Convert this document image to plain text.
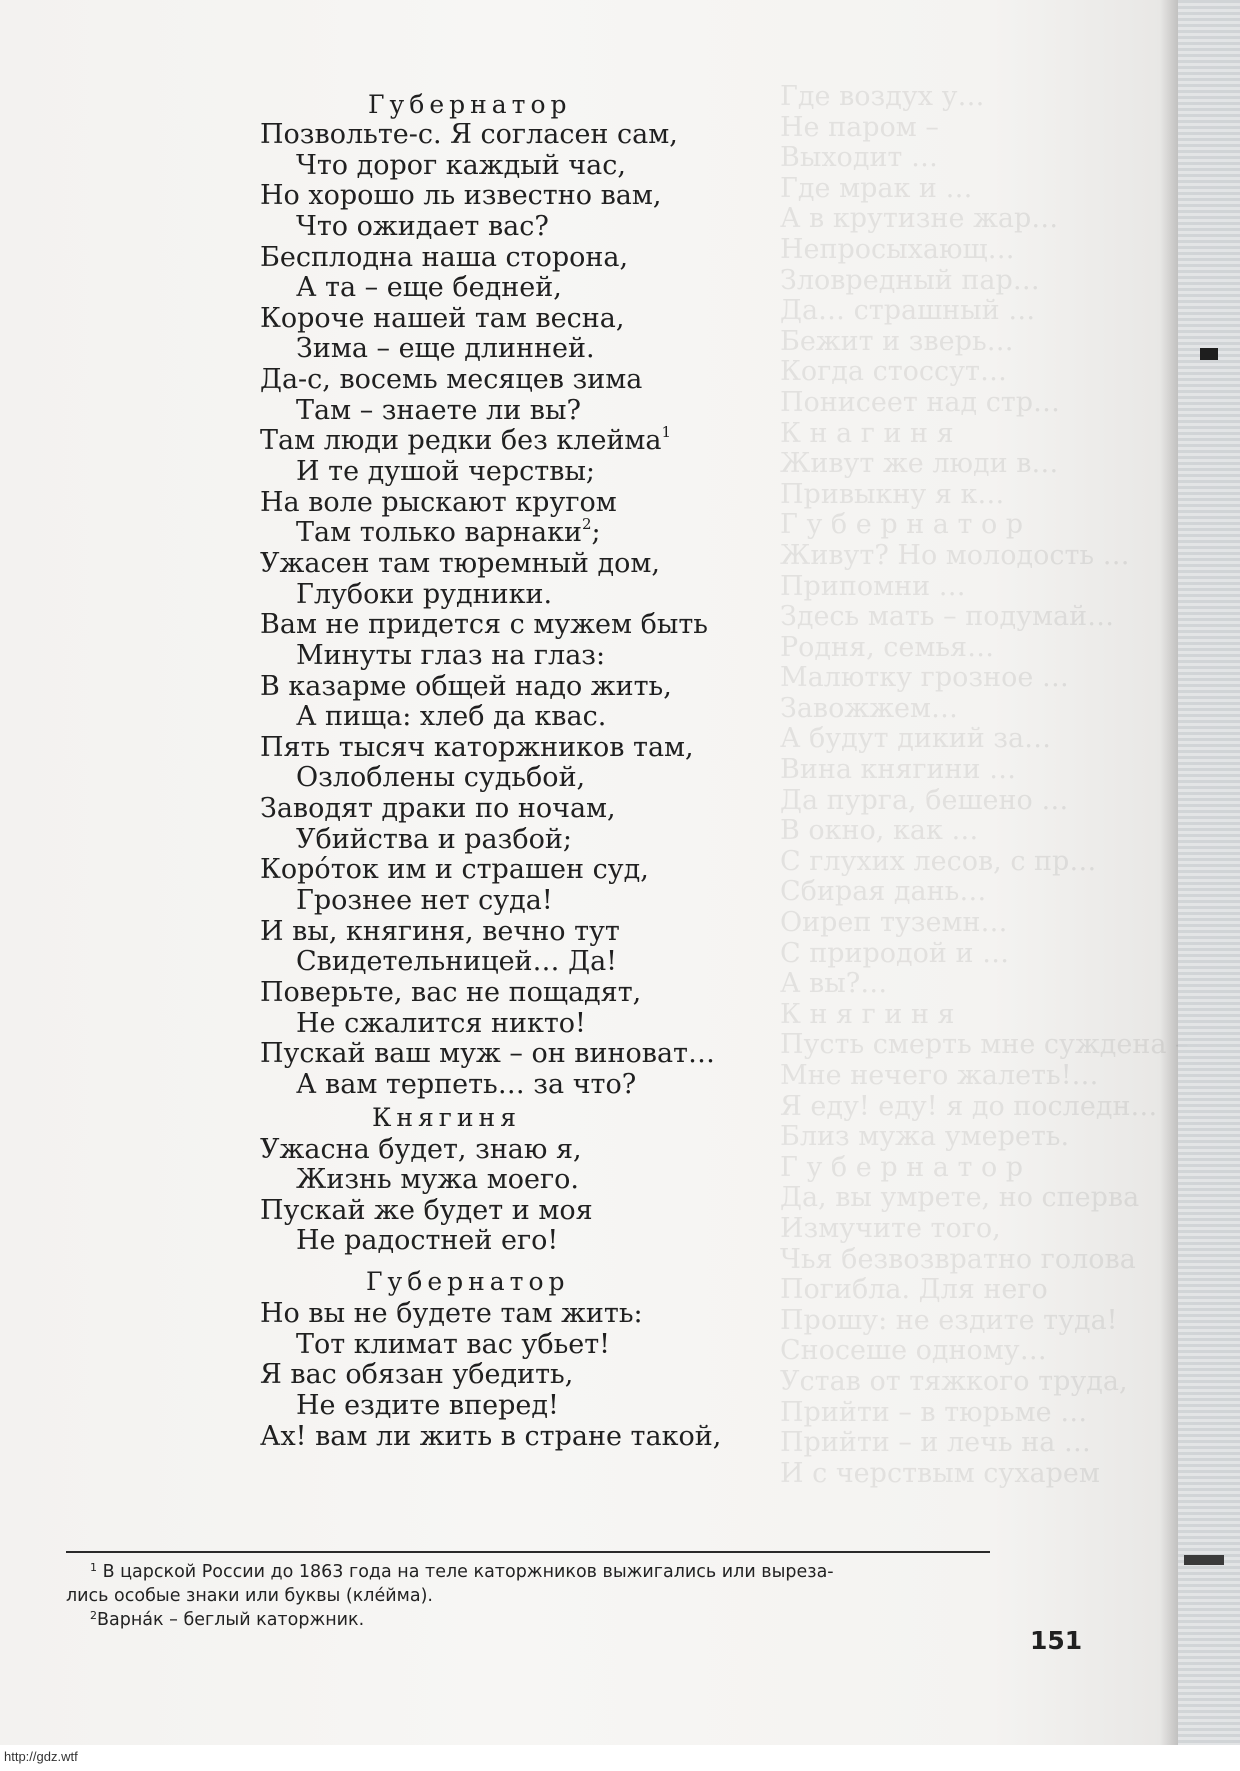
Губернатор
Позвольте-с. Я согласен сам,
Что дорог каждый час,
Но хорошо ль известно вам,
Что ожидает вас?
Бесплодна наша сторона,
А та – еще бедней,
Короче нашей там весна,
Зима – еще длинней.
Да-с, восемь месяцев зима
Там – знаете ли вы?
Там люди редки без клейма$^1$
И те душой черствы;
На воле рыскают кругом
Там только варнаки$^2$;
Ужасен там тюремный дом,
Глубоки рудники.
Вам не придется с мужем быть
Минуты глаз на глаз:
В казарме общей надо жить,
А пища: хлеб да квас.
Пять тысяч каторжников там,
Озлоблены судьбой,
Заводят драки по ночам,
Убийства и разбой;
Коро́ток им и страшен суд,
Грознее нет суда!
И вы, княгиня, вечно тут
Свидетельницей… Да!
Поверьте, вас не пощадят,
Не сжалится никто!
Пускай ваш муж – он виноват…
А вам терпеть… за что?
Княгиня
Ужасна будет, знаю я,
Жизнь мужа моего.
Пускай же будет и моя
Не радостней его!
Губернатор
Но вы не будете там жить:
Тот климат вас убьет!
Я вас обязан убедить,
Не ездите вперед!
Ах! вам ли жить в стране такой,

$^1$ В царской России до 1863 года на теле каторжников выжигались или выреза-

лись особые знаки или буквы (кле́йма).

$^2$Варна́к – беглый каторжник.

151
http://gdz.wtf
